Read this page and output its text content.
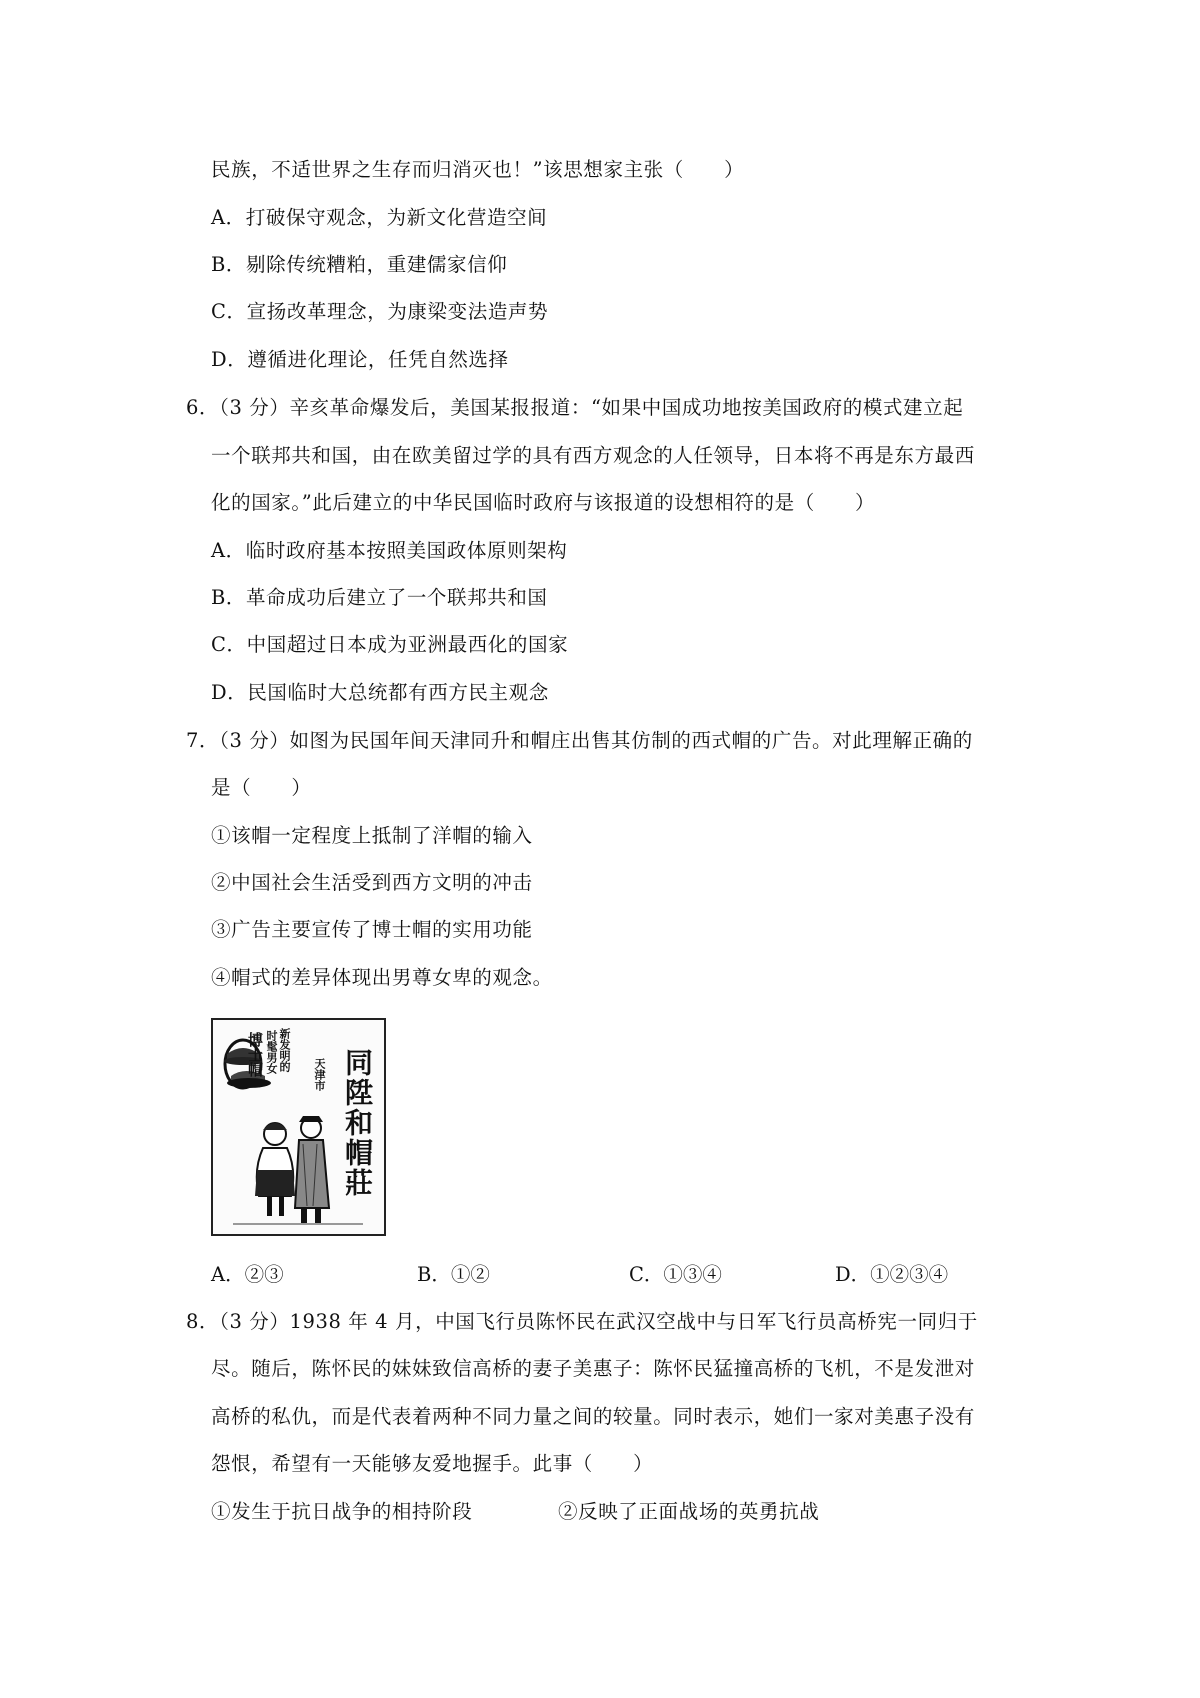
民族，不适世界之生存而归消灭也！”该思想家主张（　　）
A．打破保守观念，为新文化营造空间
B．剔除传统糟粕，重建儒家信仰
C．宣扬改革理念，为康梁变法造声势
D．遵循进化理论，任凭自然选择
6．（3 分）辛亥革命爆发后，美国某报报道：“如果中国成功地按美国政府的模式建立起
一个联邦共和国，由在欧美留过学的具有西方观念的人任领导，日本将不再是东方最西
化的国家。”此后建立的中华民国临时政府与该报道的设想相符的是（　　）
A．临时政府基本按照美国政体原则架构
B．革命成功后建立了一个联邦共和国
C．中国超过日本成为亚洲最西化的国家
D．民国临时大总统都有西方民主观念
7．（3 分）如图为民国年间天津同升和帽庄出售其仿制的西式帽的广告。对此理解正确的
是（　　）
①该帽一定程度上抵制了洋帽的输入
②中国社会生活受到西方文明的冲击
③广告主要宣传了博士帽的实用功能
④帽式的差异体现出男尊女卑的观念。
新发明的
时髦男女
博士帽	天津市 同陞和帽莊
A．②③	B．①②	C．①③④	D．①②③④
8．（3 分）1938 年 4 月，中国飞行员陈怀民在武汉空战中与日军飞行员高桥宪一同归于
尽。随后，陈怀民的妹妹致信高桥的妻子美惠子：陈怀民猛撞高桥的飞机，不是发泄对
高桥的私仇，而是代表着两种不同力量之间的较量。同时表示，她们一家对美惠子没有
怨恨，希望有一天能够友爱地握手。此事（　　）
①发生于抗日战争的相持阶段	②反映了正面战场的英勇抗战
